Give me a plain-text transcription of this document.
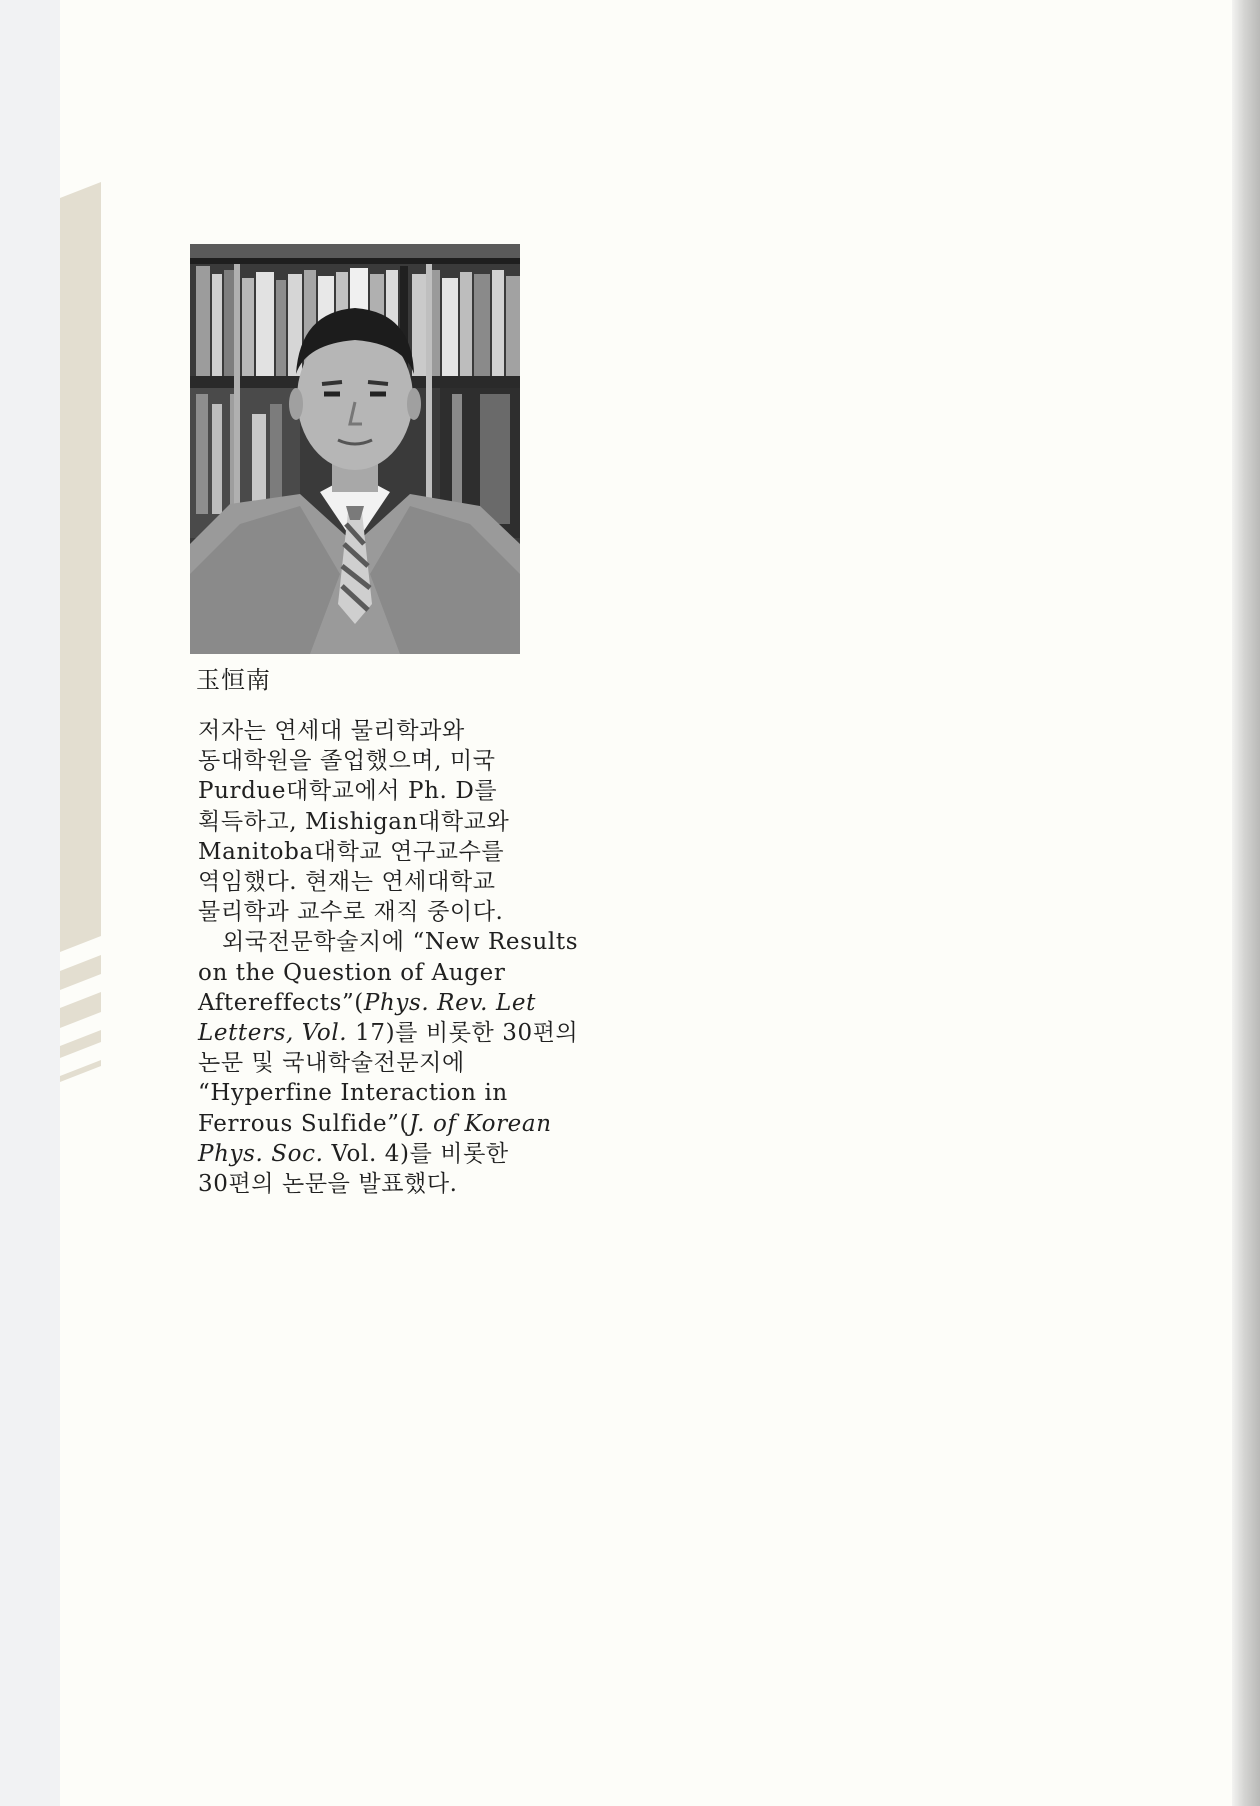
玉恒南
저자는 연세대 물리학과와
동대학원을 졸업했으며, 미국
Purdue대학교에서 Ph. D를
획득하고, Mishigan대학교와
Manitoba대학교 연구교수를
역임했다. 현재는 연세대학교
물리학과 교수로 재직 중이다.
외국전문학술지에 “New Results
on the Question of Auger
Aftereffects”(Phys. Rev. Let
Letters, Vol. 17)를 비롯한 30편의
논문 및 국내학술전문지에
“Hyperfine Interaction in
Ferrous Sulfide”(J. of Korean
Phys. Soc. Vol. 4)를 비롯한
30편의 논문을 발표했다.
